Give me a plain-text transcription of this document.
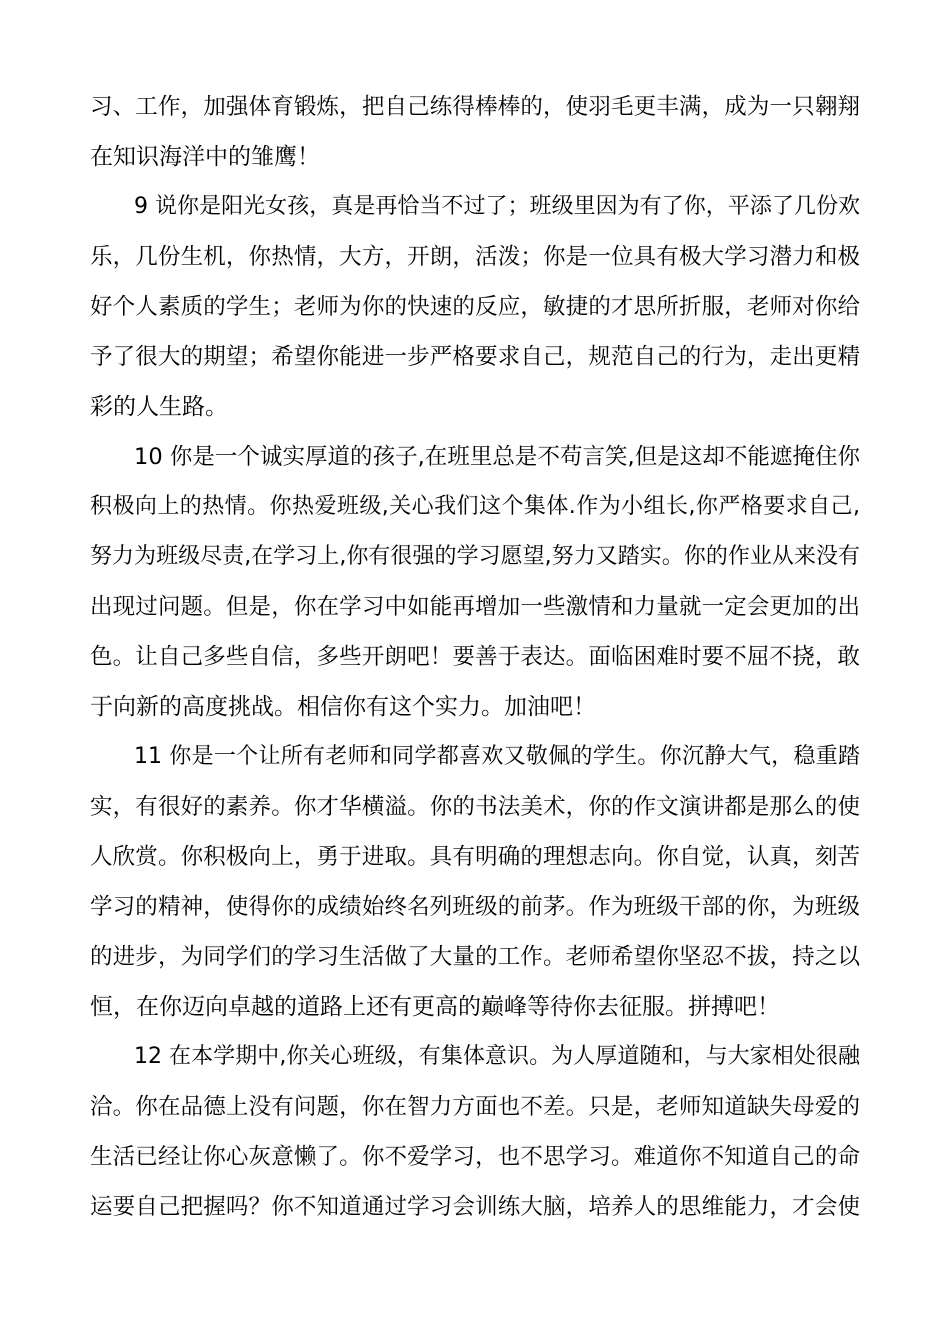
习、工作，加强体育锻炼，把自己练得棒棒的，使羽毛更丰满，成为一只翱翔
在知识海洋中的雏鹰！
9 说你是阳光女孩，真是再恰当不过了；班级里因为有了你，平添了几份欢
乐，几份生机，你热情，大方，开朗，活泼；你是一位具有极大学习潜力和极
好个人素质的学生；老师为你的快速的反应，敏捷的才思所折服，老师对你给
予了很大的期望；希望你能进一步严格要求自己，规范自己的行为，走出更精
彩的人生路。
10 你是一个诚实厚道的孩子,在班里总是不苟言笑,但是这却不能遮掩住你
积极向上的热情。你热爱班级,关心我们这个集体.作为小组长,你严格要求自己,
努力为班级尽责,在学习上,你有很强的学习愿望,努力又踏实。你的作业从来没有
出现过问题。但是，你在学习中如能再增加一些激情和力量就一定会更加的出
色。让自己多些自信，多些开朗吧！要善于表达。面临困难时要不屈不挠，敢
于向新的高度挑战。相信你有这个实力。加油吧！
11 你是一个让所有老师和同学都喜欢又敬佩的学生。你沉静大气，稳重踏
实，有很好的素养。你才华横溢。你的书法美术，你的作文演讲都是那么的使
人欣赏。你积极向上，勇于进取。具有明确的理想志向。你自觉，认真，刻苦
学习的精神，使得你的成绩始终名列班级的前茅。作为班级干部的你，为班级
的进步，为同学们的学习生活做了大量的工作。老师希望你坚忍不拔，持之以
恒，在你迈向卓越的道路上还有更高的巅峰等待你去征服。拼搏吧！
12 在本学期中,你关心班级，有集体意识。为人厚道随和，与大家相处很融
洽。你在品德上没有问题，你在智力方面也不差。只是，老师知道缺失母爱的
生活已经让你心灰意懒了。你不爱学习，也不思学习。难道你不知道自己的命
运要自己把握吗？你不知道通过学习会训练大脑，培养人的思维能力，才会使
